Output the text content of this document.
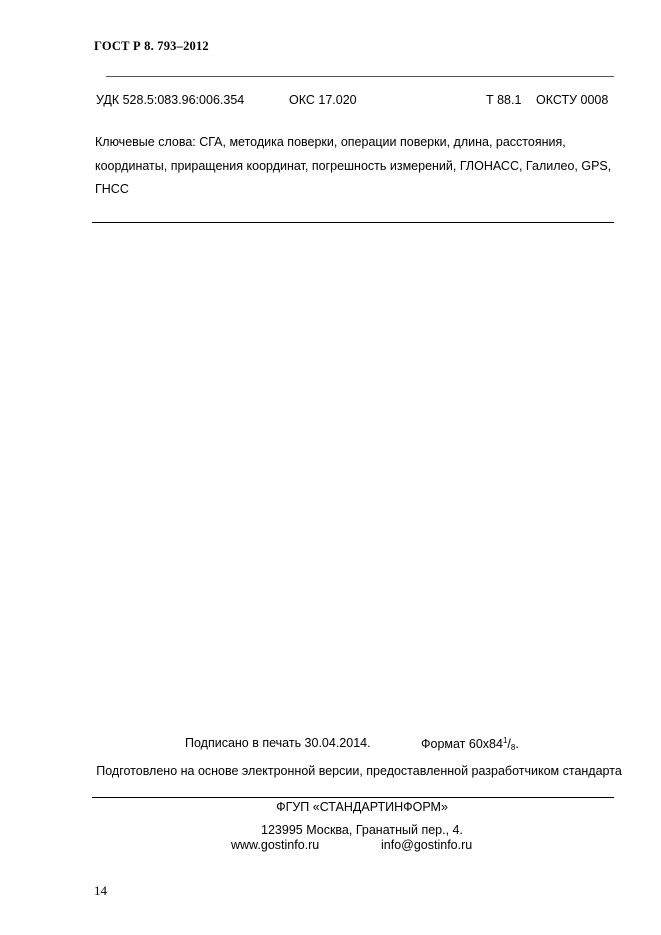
ГОСТ Р 8. 793–2012
УДК 528.5:083.96:006.354	ОКС 17.020	Т 88.1 ОКСТУ 0008
Ключевые слова: СГА, методика поверки, операции поверки, длина, расстояния, координаты, приращения координат, погрешность измерений, ГЛОНАСС, Галилео, GPS, ГНСС
Подписано в печать 30.04.2014.	Формат $60x84^1/_8$.
Подготовлено на основе электронной версии, предоставленной разработчиком стандарта
ФГУП «СТАНДАРТИНФОРМ»
123995 Москва, Гранатный пер., 4.
www.gostinfo.ru	info@gostinfo.ru
14
